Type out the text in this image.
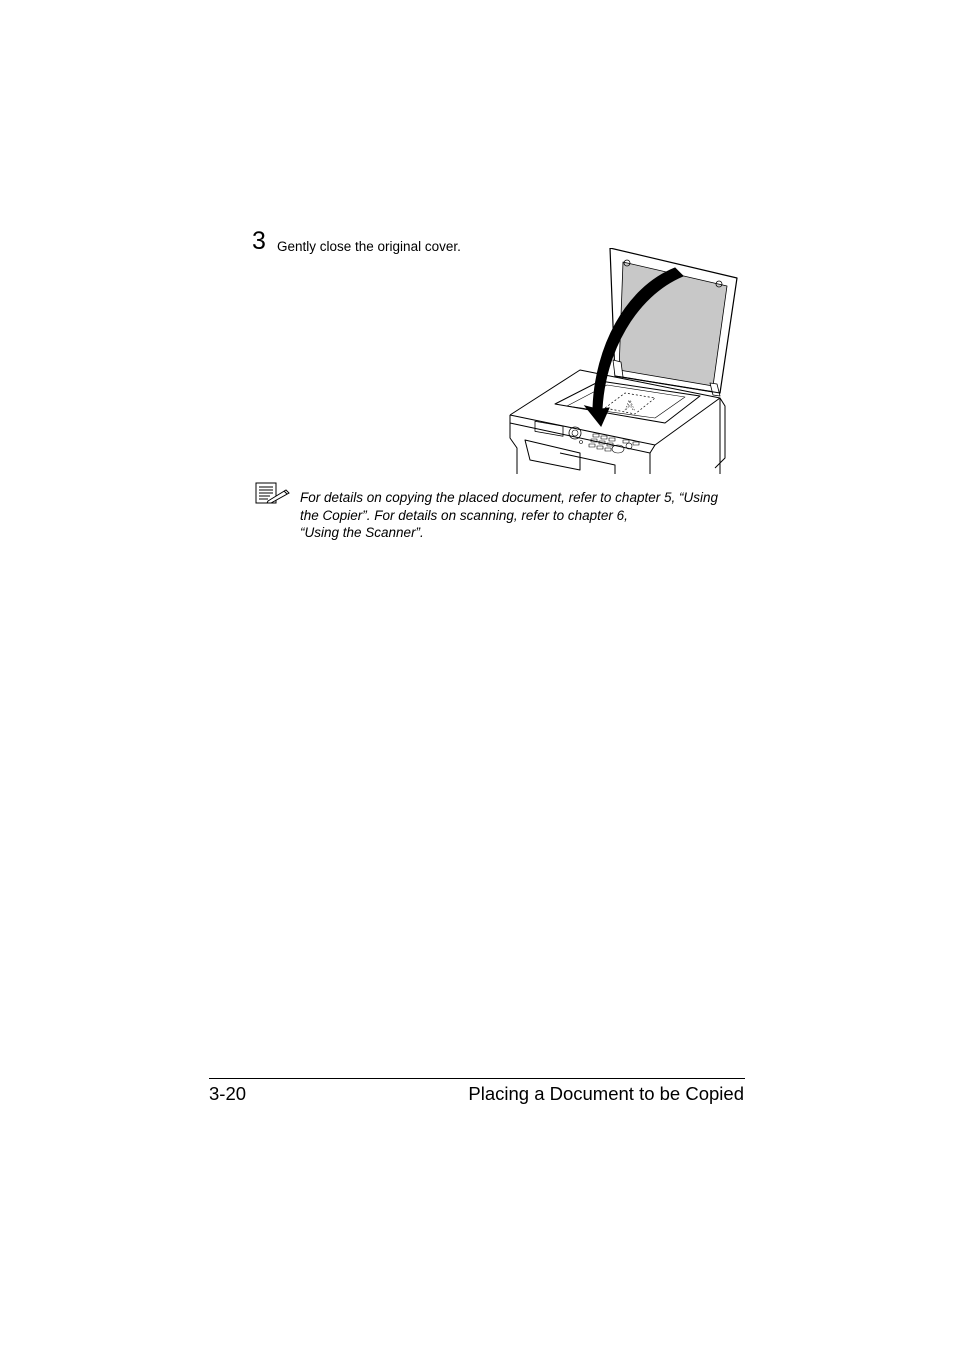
3 Gently close the original cover.
A
For details on copying the placed document, refer to chapter 5, “Using
the Copier”. For details on scanning, refer to chapter 6,
“Using the Scanner”.
3-20	Placing a Document to be Copied
